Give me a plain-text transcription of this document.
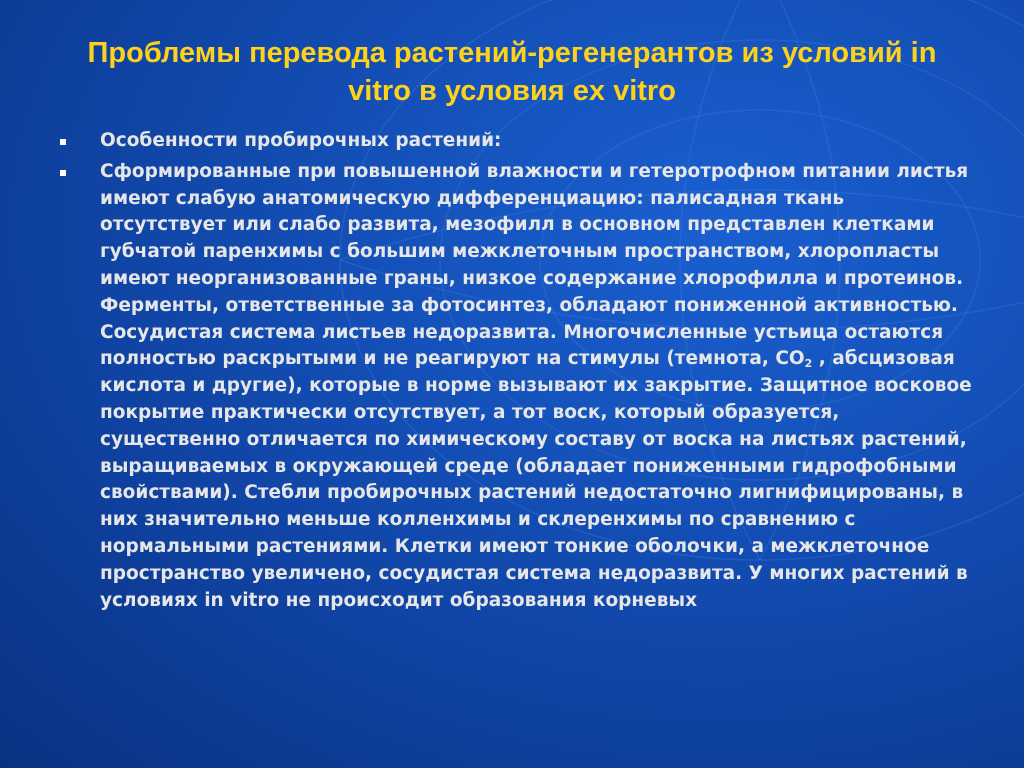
Проблемы перевода растений-регенерантов из условий in vitro в условия ex vitro
Особенности пробирочных растений:
Сформированные при повышенной влажности и гетеротрофном питании листья имеют слабую анатомическую дифференциацию: палисадная ткань отсутствует или слабо развита, мезофилл в основном представлен клетками губчатой паренхимы с большим межклеточным пространством, хлоропласты имеют неорганизованные граны, низкое содержание хлорофилла и протеинов. Ферменты, ответственные за фотосинтез, обладают пониженной активностью. Сосудистая система листьев недоразвита. Многочисленные устьица остаются полностью раскрытыми и не реагируют на стимулы (темнота, $CO_2$ , абсцизовая кислота и другие), которые в норме вызывают их закрытие. Защитное восковое покрытие практически отсутствует, а тот воск, который образуется, существенно отличается по химическому составу от воска на листьях растений, выращиваемых в окружающей среде (обладает пониженными гидрофобными свойствами). Стебли пробирочных растений недостаточно лигнифицированы, в них значительно меньше колленхимы и склеренхимы по сравнению с нормальными растениями. Клетки имеют тонкие оболочки, а межклеточное пространство увеличено, сосудистая система недоразвита. У многих растений в условиях in vitro не происходит образования корневых
